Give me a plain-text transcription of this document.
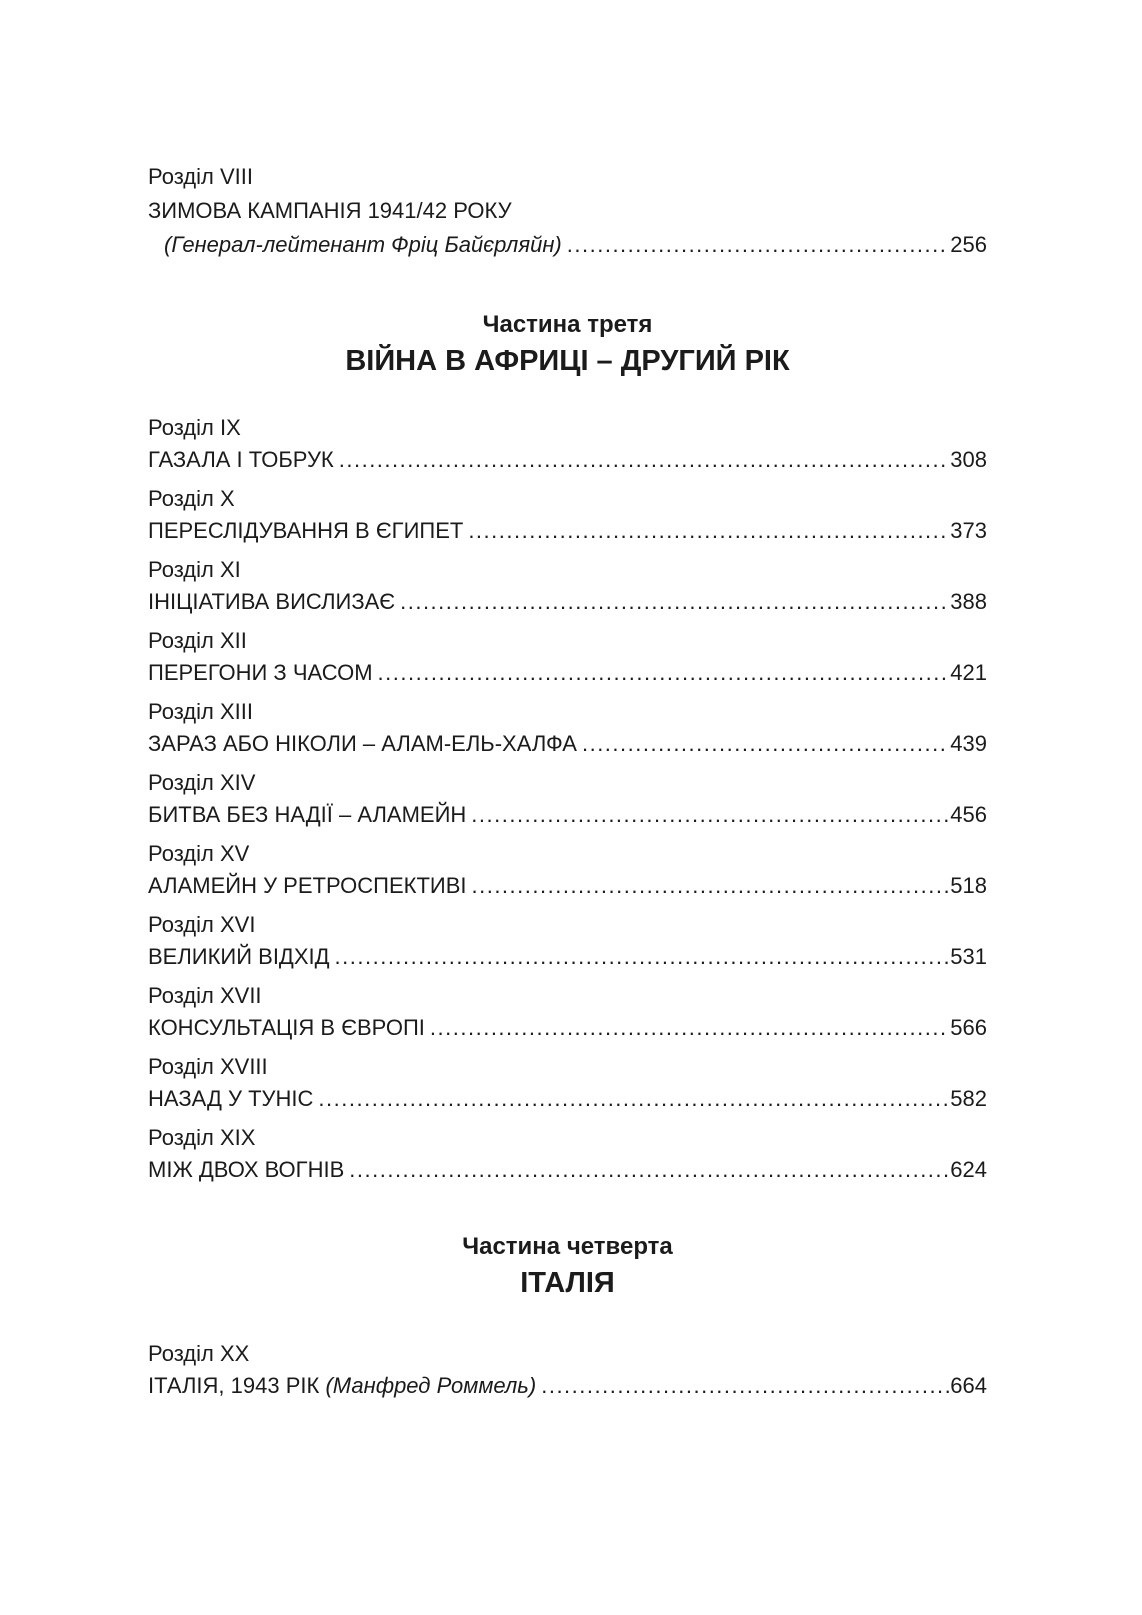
Розділ VIII
ЗИМОВА КАМПАНІЯ 1941/42 РОКУ
(Генерал-лейтенант Фріц Байєрляйн) .....	256
Частина третя
ВІЙНА В АФРИЦІ – ДРУГИЙ РІК
Розділ IX
ГАЗАЛА І ТОБРУК .....	308
Розділ X
ПЕРЕСЛІДУВАННЯ В ЄГИПЕТ .....	373
Розділ XI
ІНІЦІАТИВА ВИСЛИЗАЄ .....	388
Розділ XII
ПЕРЕГОНИ З ЧАСОМ .....	421
Розділ XIII
ЗАРАЗ АБО НІКОЛИ – АЛАМ-ЕЛЬ-ХАЛФА .....	439
Розділ XIV
БИТВА БЕЗ НАДІЇ – АЛАМЕЙН .....	456
Розділ XV
АЛАМЕЙН У РЕТРОСПЕКТИВІ .....	518
Розділ XVI
ВЕЛИКИЙ ВІДХІД .....	531
Розділ XVII
КОНСУЛЬТАЦІЯ В ЄВРОПІ .....	566
Розділ XVIII
НАЗАД У ТУНІС .....	582
Розділ XIX
МІЖ ДВОХ ВОГНІВ .....	624
Частина четверта
ІТАЛІЯ
Розділ XX
ІТАЛІЯ, 1943 РІК (Манфред Роммель) .....	664
